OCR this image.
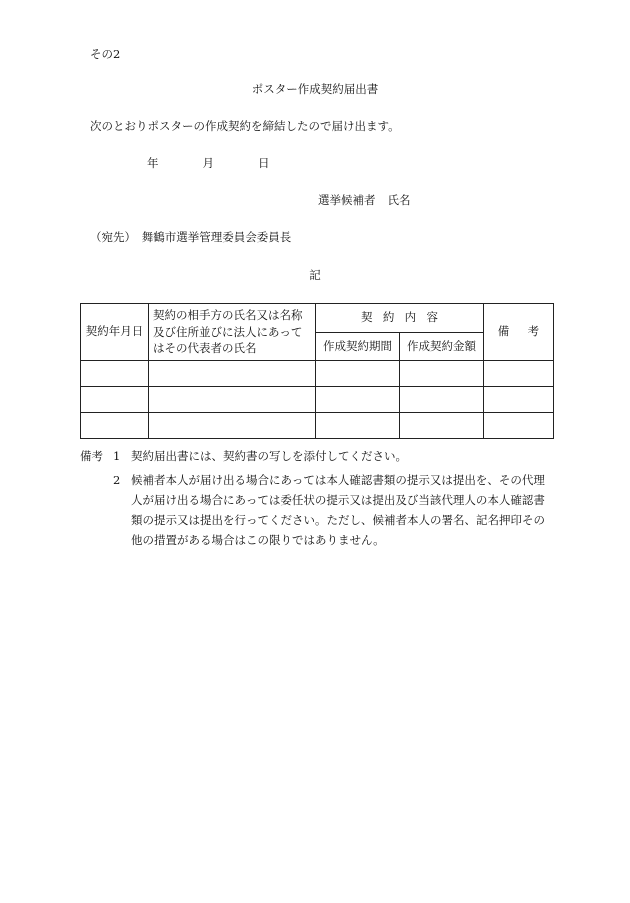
その2
ポスター作成契約届出書
次のとおりポスターの作成契約を締結したので届け出ます。
年	月	日
選挙候補者 氏名
（宛先）　舞鶴市選挙管理委員会委員長
記
契約年月日	契約の相手方の氏名又は名称及び住所並びに法人にあってはその代表者の氏名	契約内容		備考
		作成契約期間	作成契約金額	

備考 1 契約届出書には、契約書の写しを添付してください。
2 候補者本人が届け出る場合にあっては本人確認書類の提示又は提出を、その代理人が届け出る場合にあっては委任状の提示又は提出及び当該代理人の本人確認書類の提示又は提出を行ってください。ただし、候補者本人の署名、記名押印その他の措置がある場合はこの限りではありません。
